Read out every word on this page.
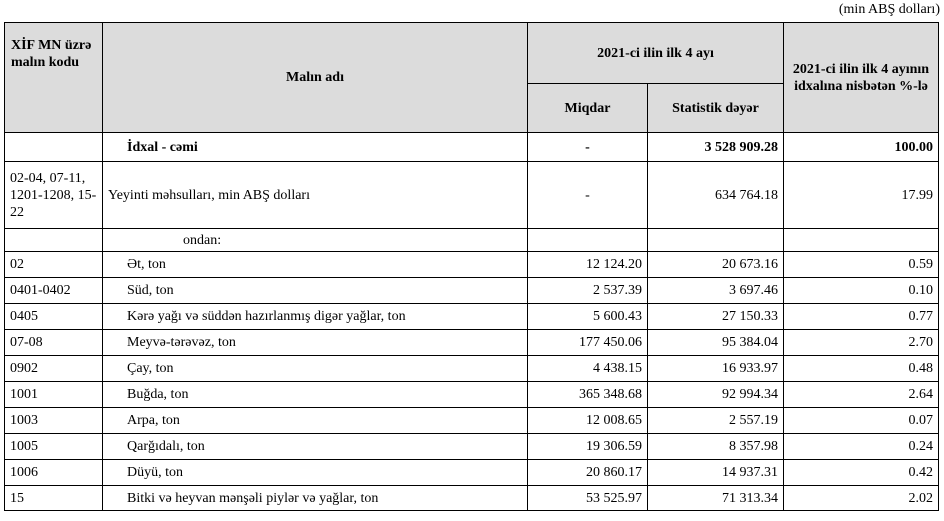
(min ABŞ dolları)
XİF MN üzrə malın kodu	Malın adı	2021-ci ilin ilk 4 ayı		2021-ci ilin ilk 4 ayının idxalına nisbətən %-lə
		Miqdar	Statistik dəyər	
	İdxal - cəmi	-	3 528 909.28	100.00
02-04, 07-11, 1201-1208, 15-22	Yeyinti məhsulları, min ABŞ dolları	-	634 764.18	17.99
	ondan:			
02	Ət, ton	12 124.20	20 673.16	0.59
0401-0402	Süd, ton	2 537.39	3 697.46	0.10
0405	Kərə yağı və süddən hazırlanmış digər yağlar, ton	5 600.43	27 150.33	0.77
07-08	Meyvə-tərəvəz, ton	177 450.06	95 384.04	2.70
0902	Çay, ton	4 438.15	16 933.97	0.48
1001	Buğda, ton	365 348.68	92 994.34	2.64
1003	Arpa, ton	12 008.65	2 557.19	0.07
1005	Qarğıdalı, ton	19 306.59	8 357.98	0.24
1006	Düyü, ton	20 860.17	14 937.31	0.42
15	Bitki və heyvan mənşəli piylər və yağlar, ton	53 525.97	71 313.34	2.02
